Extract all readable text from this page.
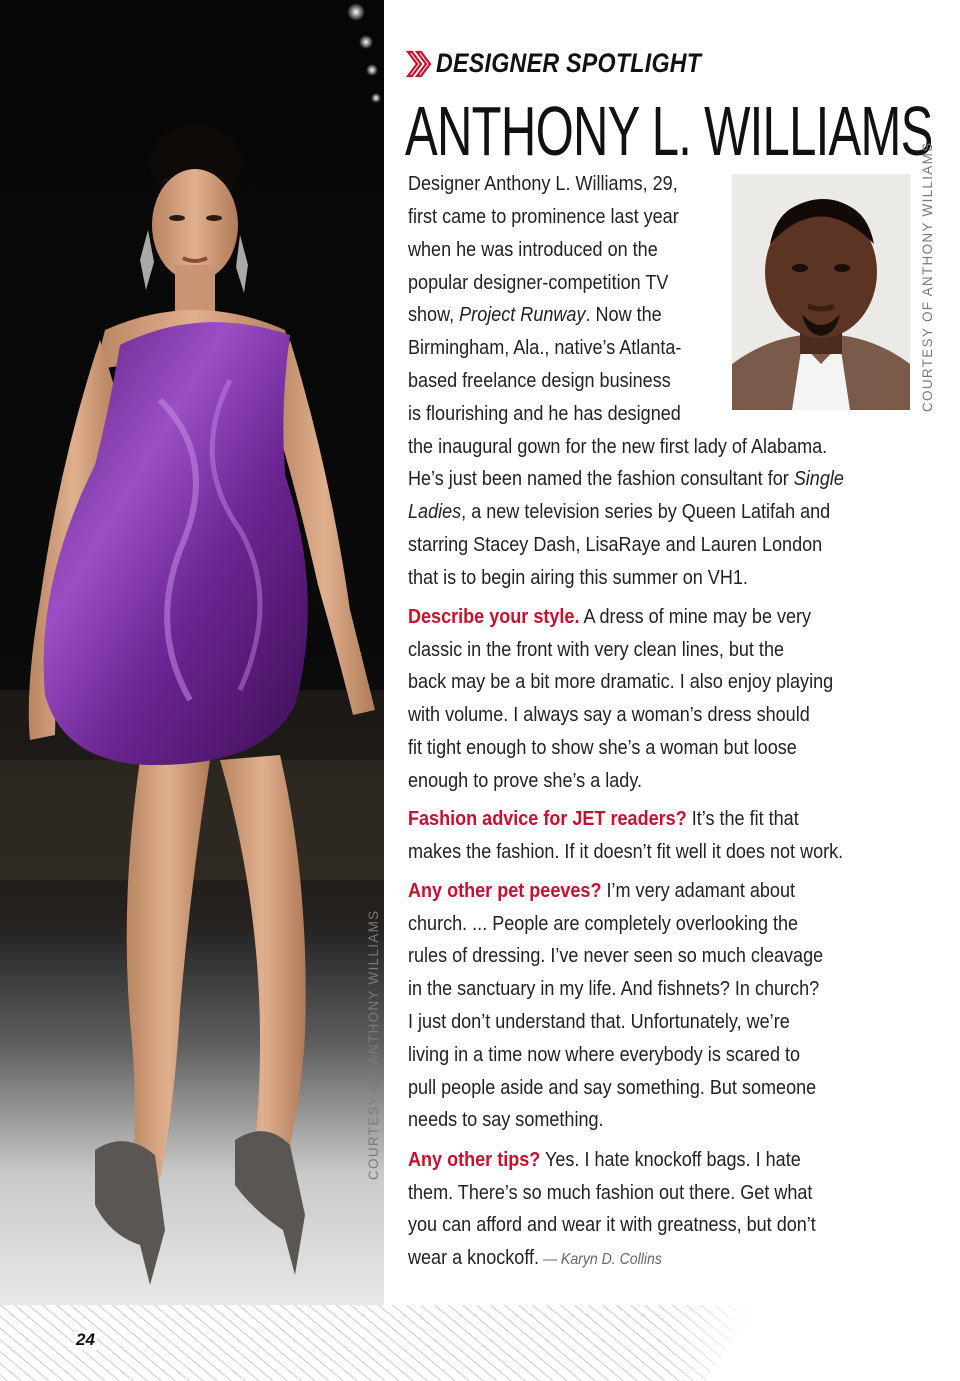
COURTESY OF ANTHONY WILLIAMS
DESIGNER SPOTLIGHT
ANTHONY L. WILLIAMS
COURTESY OF ANTHONY WILLIAMS
Designer Anthony L. Williams, 29,
first came to prominence last year
when he was introduced on the
popular designer-competition TV
show, Project Runway. Now the
Birmingham, Ala., native’s Atlanta-
based freelance design business
is flourishing and he has designed
the inaugural gown for the new first lady of Alabama.
He’s just been named the fashion consultant for Single
Ladies, a new television series by Queen Latifah and
starring Stacey Dash, LisaRaye and Lauren London
that is to begin airing this summer on VH1.
Describe your style. A dress of mine may be very
classic in the front with very clean lines, but the
back may be a bit more dramatic. I also enjoy playing
with volume. I always say a woman’s dress should
fit tight enough to show she’s a woman but loose
enough to prove she’s a lady.
Fashion advice for JET readers? It’s the fit that
makes the fashion. If it doesn’t fit well it does not work.
Any other pet peeves? I’m very adamant about
church. ... People are completely overlooking the
rules of dressing. I’ve never seen so much cleavage
in the sanctuary in my life. And fishnets? In church?
I just don’t understand that. Unfortunately, we’re
living in a time now where everybody is scared to
pull people aside and say something. But someone
needs to say something.
Any other tips? Yes. I hate knockoff bags. I hate
them. There’s so much fashion out there. Get what
you can afford and wear it with greatness, but don’t
wear a knockoff. — Karyn D. Collins
24
